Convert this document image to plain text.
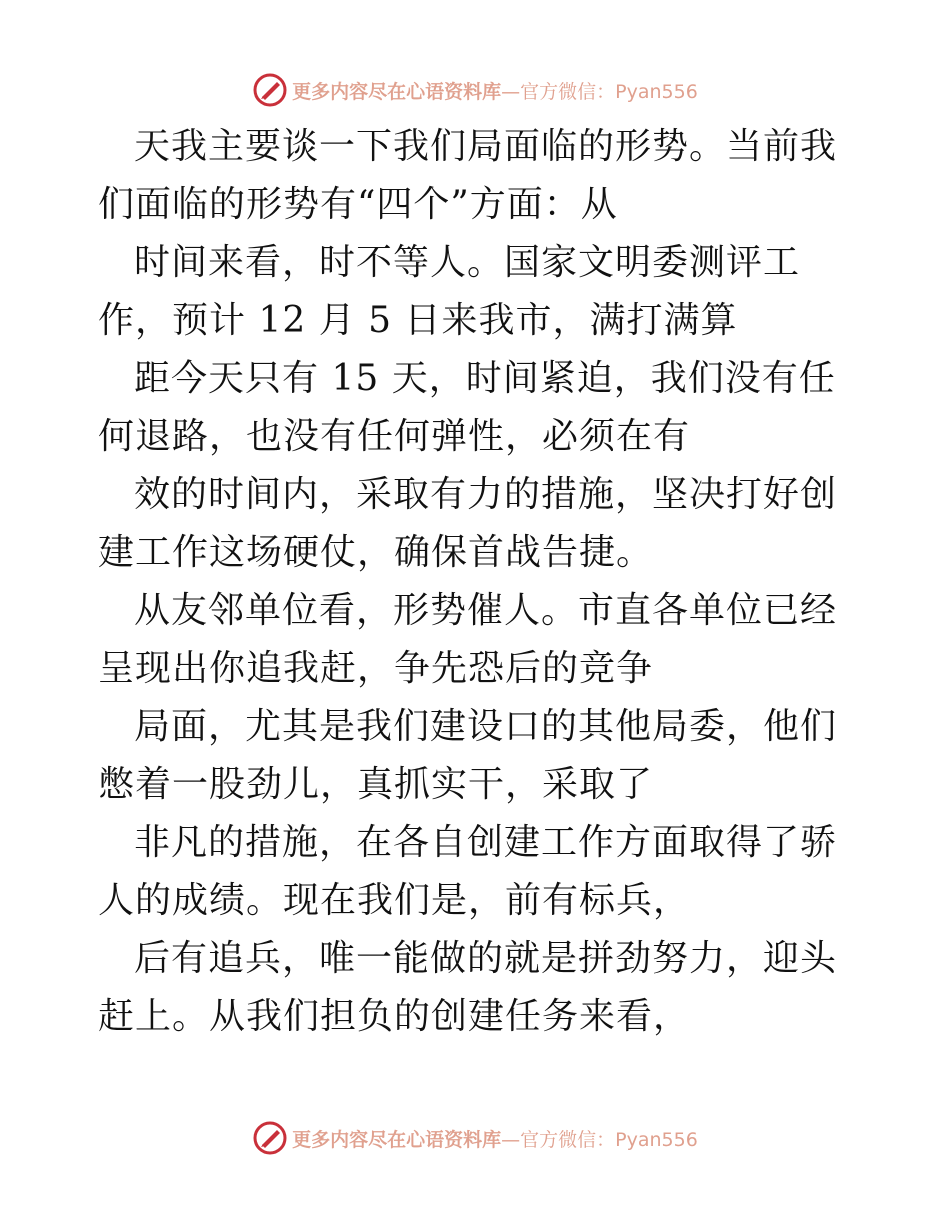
更多内容尽在心语资料库—官方微信：Pyan556

天我主要谈一下我们局面临的形势。当前我们面临的形势有“四个”方面：从

时间来看，时不等人。国家文明委测评工作，预计 12 月 5 日来我市，满打满算

距今天只有 15 天，时间紧迫，我们没有任何退路，也没有任何弹性，必须在有

效的时间内，采取有力的措施，坚决打好创建工作这场硬仗，确保首战告捷。

从友邻单位看，形势催人。市直各单位已经呈现出你追我赶，争先恐后的竞争

局面，尤其是我们建设口的其他局委，他们憋着一股劲儿，真抓实干，采取了

非凡的措施，在各自创建工作方面取得了骄人的成绩。现在我们是，前有标兵，

后有追兵，唯一能做的就是拼劲努力，迎头赶上。从我们担负的创建任务来看，

更多内容尽在心语资料库—官方微信：Pyan556
